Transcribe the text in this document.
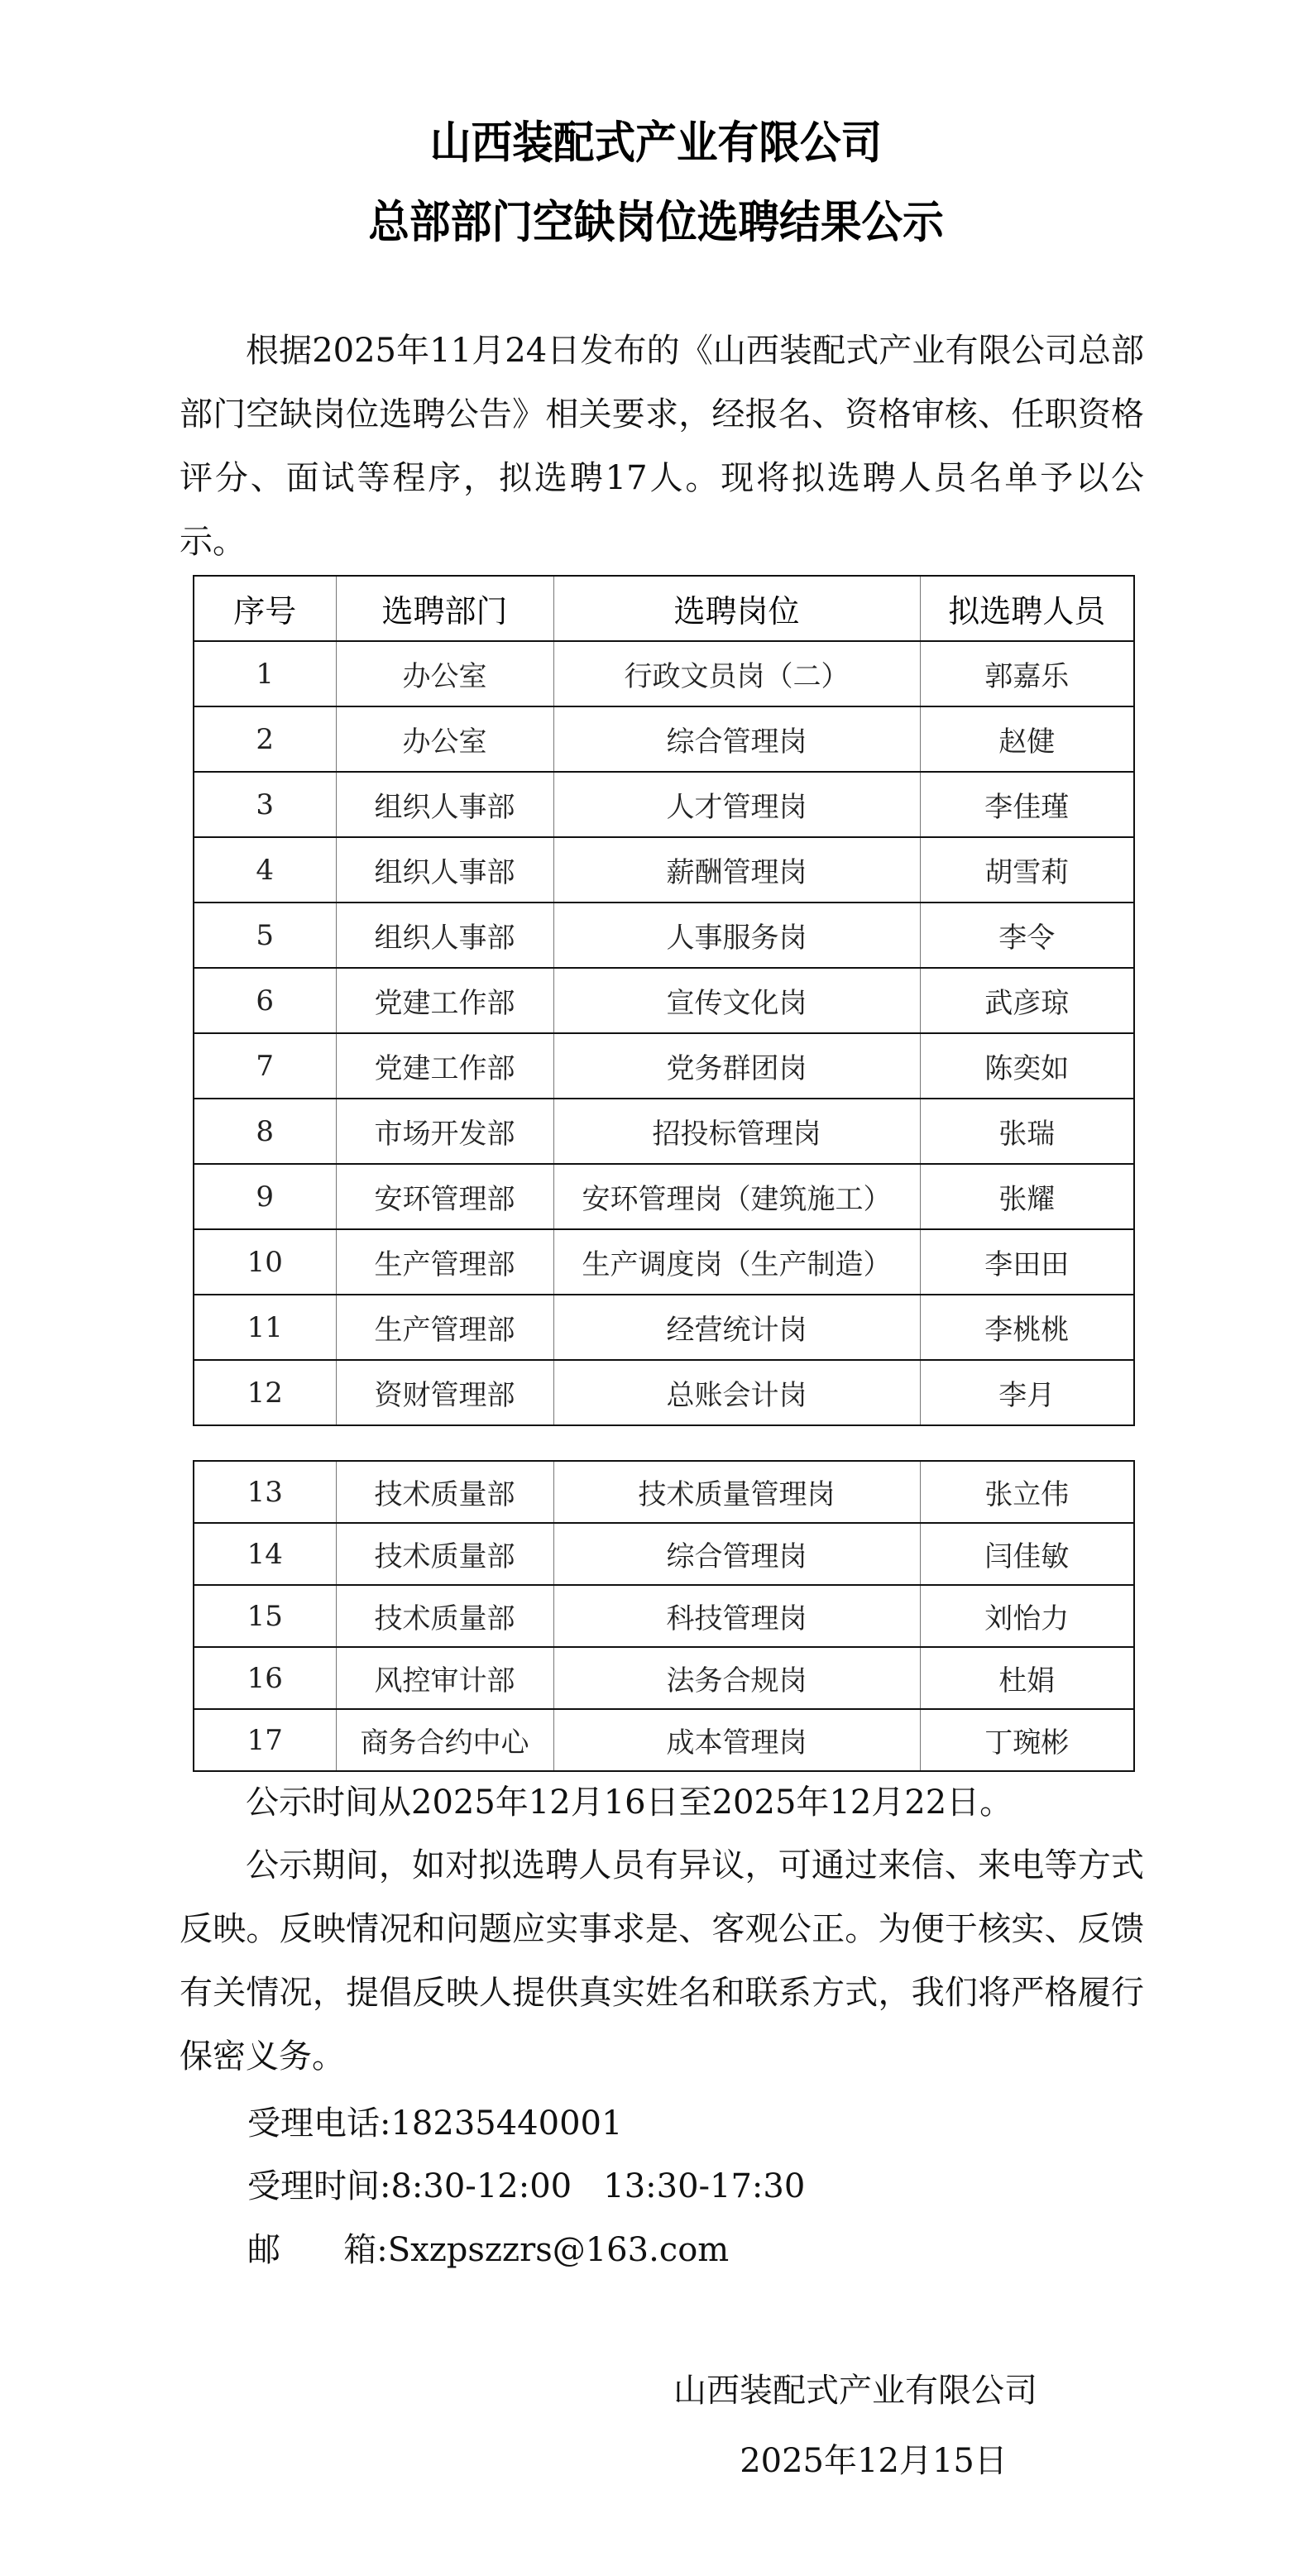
山西装配式产业有限公司
总部部门空缺岗位选聘结果公示

根据2025年11月24日发布的《山西装配式产业有限公司总部部门空缺岗位选聘公告》相关要求，经报名、资格审核、任职资格评分、面试等程序，拟选聘17人。现将拟选聘人员名单予以公示。

序号	选聘部门	选聘岗位	拟选聘人员
1	办公室	行政文员岗（二）	郭嘉乐
2	办公室	综合管理岗	赵健
3	组织人事部	人才管理岗	李佳瑾
4	组织人事部	薪酬管理岗	胡雪莉
5	组织人事部	人事服务岗	李令
6	党建工作部	宣传文化岗	武彦琼
7	党建工作部	党务群团岗	陈奕如
8	市场开发部	招投标管理岗	张瑞
9	安环管理部	安环管理岗（建筑施工）	张耀
10	生产管理部	生产调度岗（生产制造）	李田田
11	生产管理部	经营统计岗	李桃桃
12	资财管理部	总账会计岗	李月
13	技术质量部	技术质量管理岗	张立伟
14	技术质量部	综合管理岗	闫佳敏
15	技术质量部	科技管理岗	刘怡力
16	风控审计部	法务合规岗	杜娟
17	商务合约中心	成本管理岗	丁琬彬

公示时间从2025年12月16日至2025年12月22日。

公示期间，如对拟选聘人员有异议，可通过来信、来电等方式反映。反映情况和问题应实事求是、客观公正。为便于核实、反馈有关情况，提倡反映人提供真实姓名和联系方式，我们将严格履行保密义务。

受理电话:18235440001
受理时间:8:30-12:00   13:30-17:30
邮      箱:Sxzpszzrs@163.com
山西装配式产业有限公司
2025年12月15日
